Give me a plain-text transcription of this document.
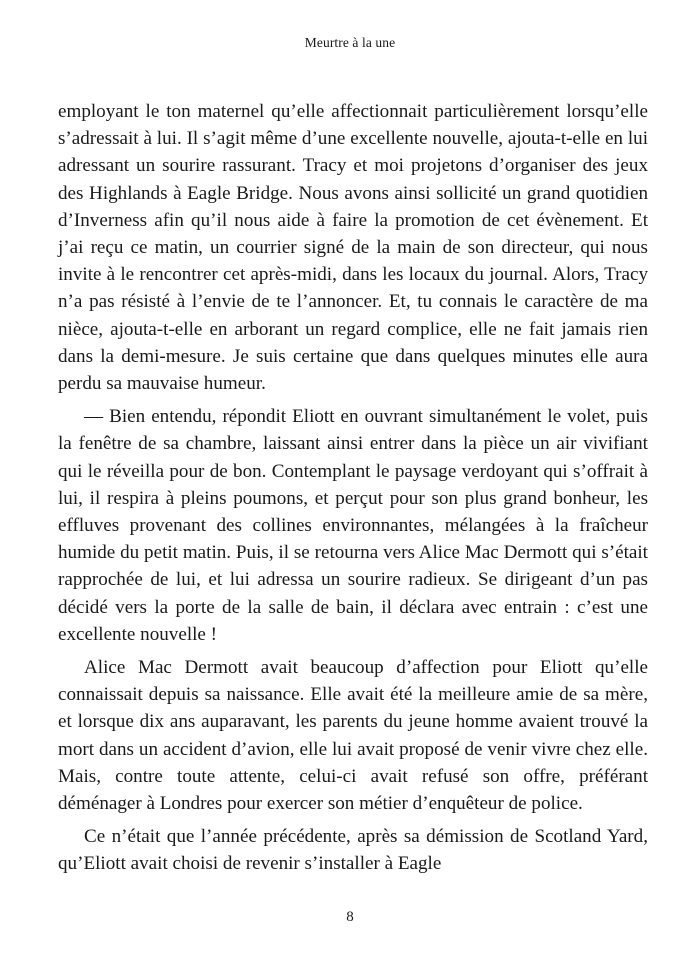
Meurtre à la une

employant le ton maternel qu’elle affectionnait particulièrement lorsqu’elle s’adressait à lui. Il s’agit même d’une excellente nouvelle, ajouta-t-elle en lui adressant un sourire rassurant. Tracy et moi projetons d’organiser des jeux des Highlands à Eagle Bridge. Nous avons ainsi sollicité un grand quotidien d’Inverness afin qu’il nous aide à faire la promotion de cet évènement. Et j’ai reçu ce matin, un courrier signé de la main de son directeur, qui nous invite à le rencontrer cet après-midi, dans les locaux du journal. Alors, Tracy n’a pas résisté à l’envie de te l’annoncer. Et, tu connais le caractère de ma nièce, ajouta-t-elle en arborant un regard complice, elle ne fait jamais rien dans la demi-mesure. Je suis certaine que dans quelques minutes elle aura perdu sa mauvaise humeur.

— Bien entendu, répondit Eliott en ouvrant simultanément le volet, puis la fenêtre de sa chambre, laissant ainsi entrer dans la pièce un air vivifiant qui le réveilla pour de bon. Contemplant le paysage verdoyant qui s’offrait à lui, il respira à pleins poumons, et perçut pour son plus grand bonheur, les effluves provenant des collines environnantes, mélangées à la fraîcheur humide du petit matin. Puis, il se retourna vers Alice Mac Dermott qui s’était rapprochée de lui, et lui adressa un sourire radieux. Se dirigeant d’un pas décidé vers la porte de la salle de bain, il déclara avec entrain : c’est une excellente nouvelle !

Alice Mac Dermott avait beaucoup d’affection pour Eliott qu’elle connaissait depuis sa naissance. Elle avait été la meilleure amie de sa mère, et lorsque dix ans auparavant, les parents du jeune homme avaient trouvé la mort dans un accident d’avion, elle lui avait proposé de venir vivre chez elle. Mais, contre toute attente, celui-ci avait refusé son offre, préférant déménager à Londres pour exercer son métier d’enquêteur de police.

Ce n’était que l’année précédente, après sa démission de Scotland Yard, qu’Eliott avait choisi de revenir s’installer à Eagle

8
